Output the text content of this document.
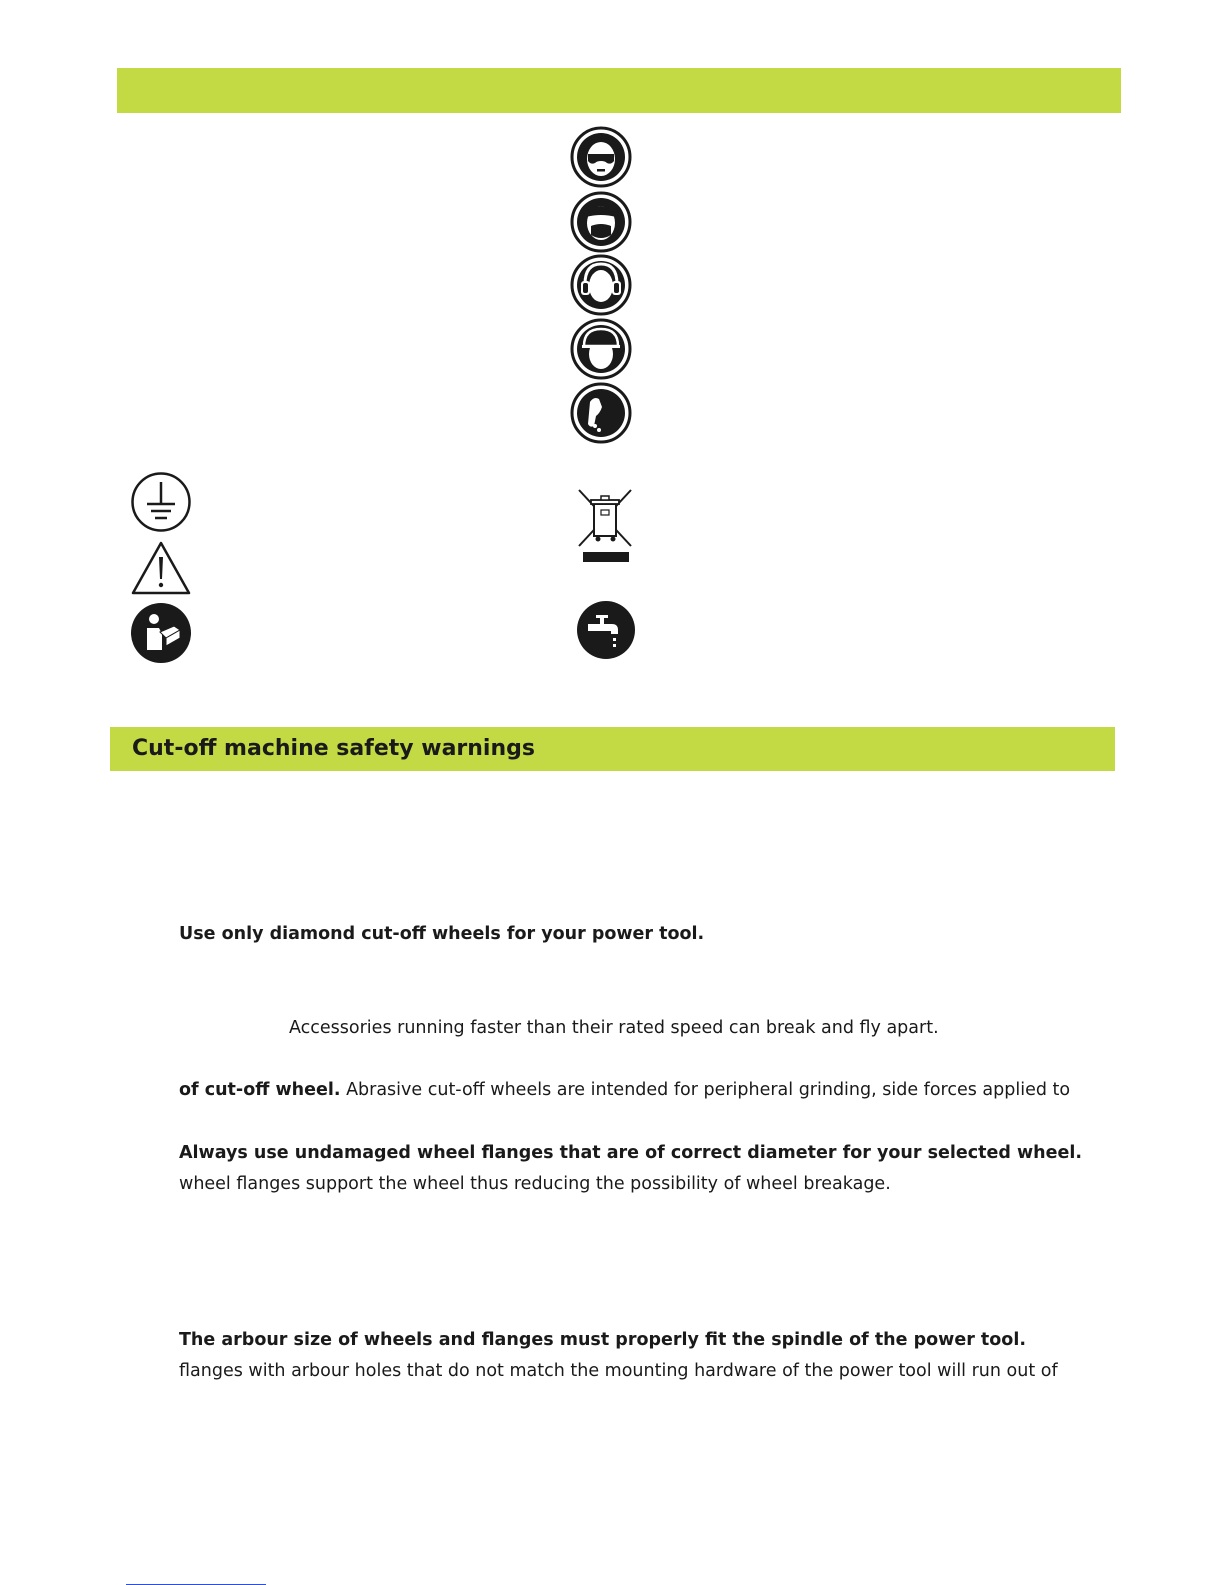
Cut-off machine safety warnings

Use only diamond cut-off wheels for your power tool.

Accessories running faster than their rated speed can break and fly apart.

of cut-off wheel. Abrasive cut-off wheels are intended for peripheral grinding, side forces applied to

Always use undamaged wheel flanges that are of correct diameter for your selected wheel.

wheel flanges support the wheel thus reducing the possibility of wheel breakage.

The arbour size of wheels and flanges must properly fit the spindle of the power tool.

flanges with arbour holes that do not match the mounting hardware of the power tool will run out of
